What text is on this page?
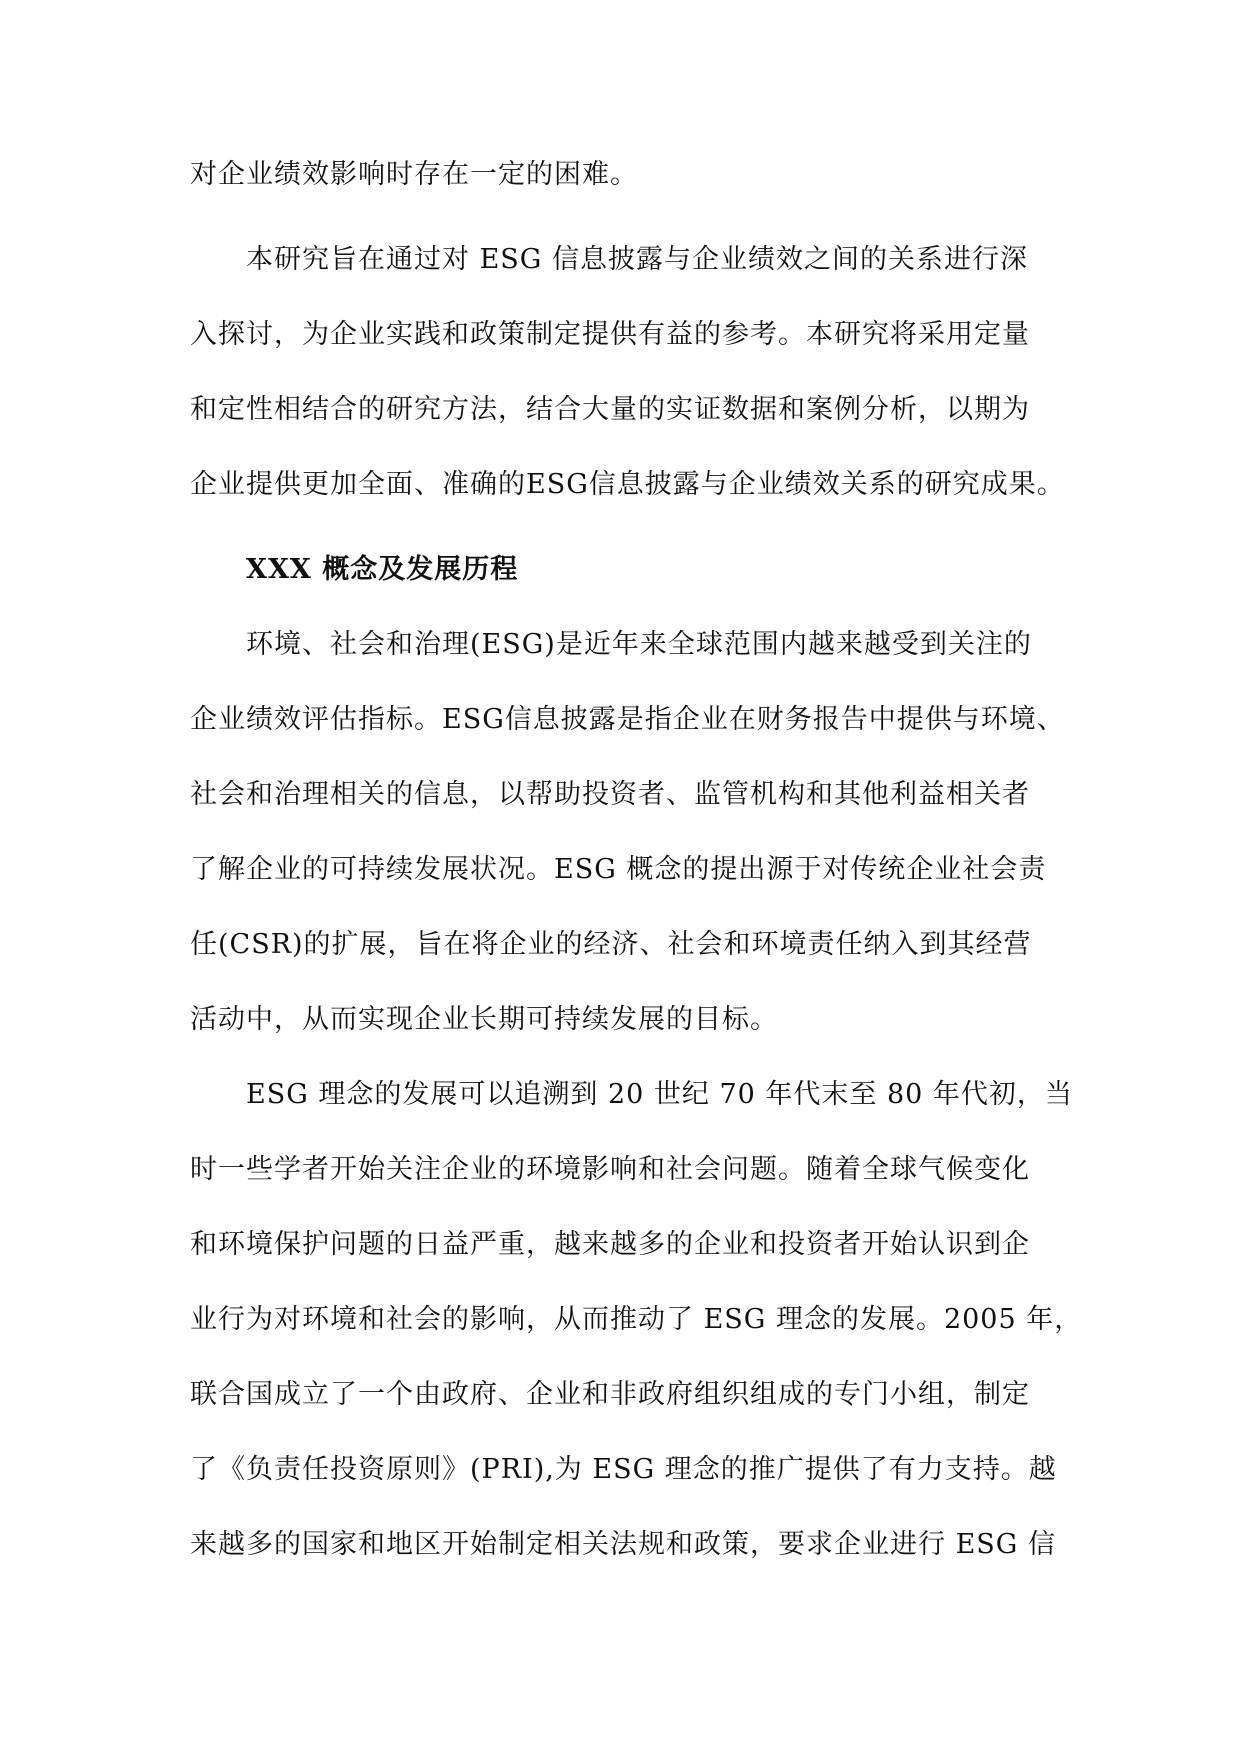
对企业绩效影响时存在一定的困难。
本研究旨在通过对 ESG 信息披露与企业绩效之间的关系进行深
入探讨，为企业实践和政策制定提供有益的参考。本研究将采用定量
和定性相结合的研究方法，结合大量的实证数据和案例分析，以期为
企业提供更加全面、准确的ESG信息披露与企业绩效关系的研究成果。
XXX 概念及发展历程
环境、社会和治理(ESG)是近年来全球范围内越来越受到关注的
企业绩效评估指标。ESG信息披露是指企业在财务报告中提供与环境、
社会和治理相关的信息，以帮助投资者、监管机构和其他利益相关者
了解企业的可持续发展状况。ESG 概念的提出源于对传统企业社会责
任(CSR)的扩展，旨在将企业的经济、社会和环境责任纳入到其经营
活动中，从而实现企业长期可持续发展的目标。
ESG 理念的发展可以追溯到 20 世纪 70 年代末至 80 年代初，当
时一些学者开始关注企业的环境影响和社会问题。随着全球气候变化
和环境保护问题的日益严重，越来越多的企业和投资者开始认识到企
业行为对环境和社会的影响，从而推动了 ESG 理念的发展。2005 年，
联合国成立了一个由政府、企业和非政府组织组成的专门小组，制定
了《负责任投资原则》(PRI),为 ESG 理念的推广提供了有力支持。越
来越多的国家和地区开始制定相关法规和政策，要求企业进行 ESG 信
